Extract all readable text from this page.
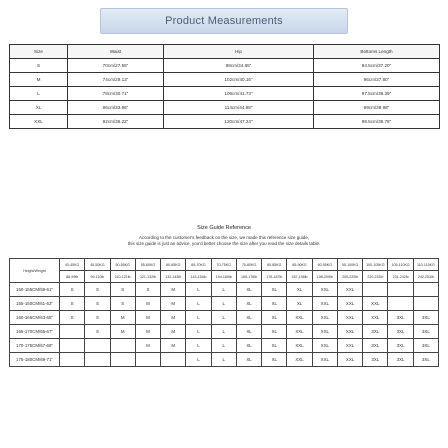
Product Measurements
Size	Waist	Hip	Bottoms Length
S	70cm/27.56"	88cm/34.65"	94.5cm/37.20"
M	74cm/29.13"	102cm/40.16"	96cm/37.80"
L	78cm/30.71"	106cm/41.73"	97.5cm/38.39"
XL	86cm/33.86"	114cm/44.88"	99cm/38.98"
XXL	92cm/36.22"	120cm/47.24"	98.5cm/38.78"
Size Guide Reference
According to the customer's feedback on the size, we made this reference size guide,
this size guide is just an advice, you'd better choose the size after you read the size details table.
Height/Weight	40-45KG	45-50KG	50-55KG	55-60KG	60-65KG	65-70KG	70-75KG	75-80KG	80-85KG	85-90KG	90-95KG	95-100KG	100-105KG	105-110KG	110-115KG
	88-99lb	99-110lb	110-121lb	121-132lb	132-143lb	143-154lb	154-165lb	165-176lb	176-187lb	187-198lb	198-209lb	209-220lb	220-231lb	231-242lb	242-253lb
150-155CM/59-61"	S	S	S	S	M	L	L	XL	XL	XL	XXL	XXL			
155-160CM/61-63"	S	S	S	M	M	L	L	XL	XL	XL	XXL	XXL	XXL		
160-165CM/63-65"	S	S	M	M	M	L	L	XL	XL	XXL	XXL	XXL	XXL	3XL	3XL
165-170CM/65-67"		S	M	M	M	L	L	XL	XL	XXL	XXL	XXL	3XL	3XL	3XL
170-175CM/67-69"				M	M	L	L	XL	XL	XXL	XXL	XXL	3XL	3XL	3XL
175-180CM/69-71"						L	L	XL	XL	XXL	XXL	XXL	3XL	3XL	3XL
